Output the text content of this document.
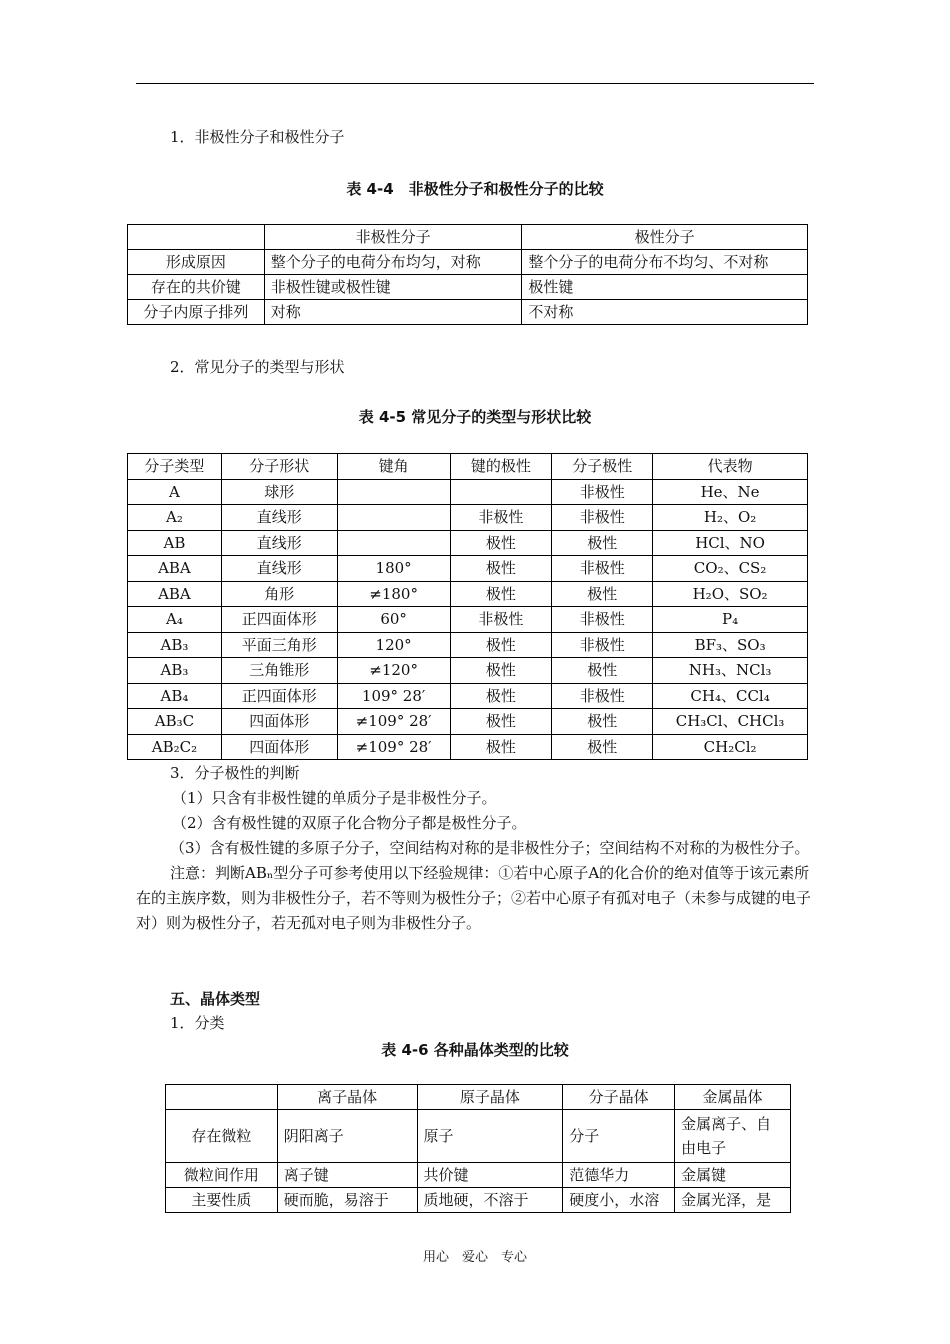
1．非极性分子和极性分子
表 4-4　非极性分子和极性分子的比较
	非极性分子	极性分子
形成原因	整个分子的电荷分布均匀，对称	整个分子的电荷分布不均匀、不对称
存在的共价键	非极性键或极性键	极性键
分子内原子排列	对称	不对称
2．常见分子的类型与形状
表 4-5 常见分子的类型与形状比较
分子类型	分子形状	键角	键的极性	分子极性	代表物
A	球形			非极性	He、Ne
A₂	直线形		非极性	非极性	H₂、O₂
AB	直线形		极性	极性	HCl、NO
ABA	直线形	180°	极性	非极性	CO₂、CS₂
ABA	角形	≠180°	极性	极性	H₂O、SO₂
A₄	正四面体形	60°	非极性	非极性	P₄
AB₃	平面三角形	120°	极性	非极性	BF₃、SO₃
AB₃	三角锥形	≠120°	极性	极性	NH₃、NCl₃
AB₄	正四面体形	109° 28′	极性	非极性	CH₄、CCl₄
AB₃C	四面体形	≠109° 28′	极性	极性	CH₃Cl、CHCl₃
AB₂C₂	四面体形	≠109° 28′	极性	极性	CH₂Cl₂
3．分子极性的判断
（1）只含有非极性键的单质分子是非极性分子。
（2）含有极性键的双原子化合物分子都是极性分子。
（3）含有极性键的多原子分子，空间结构对称的是非极性分子；空间结构不对称的为极性分子。
注意：判断ABₙ型分子可参考使用以下经验规律：①若中心原子A的化合价的绝对值等于该元素所在的主族序数，则为非极性分子，若不等则为极性分子；②若中心原子有孤对电子（未参与成键的电子对）则为极性分子，若无孤对电子则为非极性分子。
五、晶体类型
1．分类
表 4-6 各种晶体类型的比较
	离子晶体	原子晶体	分子晶体	金属晶体
存在微粒	阴阳离子	原子	分子	金属离子、自由电子
微粒间作用	离子键	共价键	范德华力	金属键
主要性质	硬而脆，易溶于	质地硬，不溶于	硬度小，水溶	金属光泽，是
用心　爱心　专心
